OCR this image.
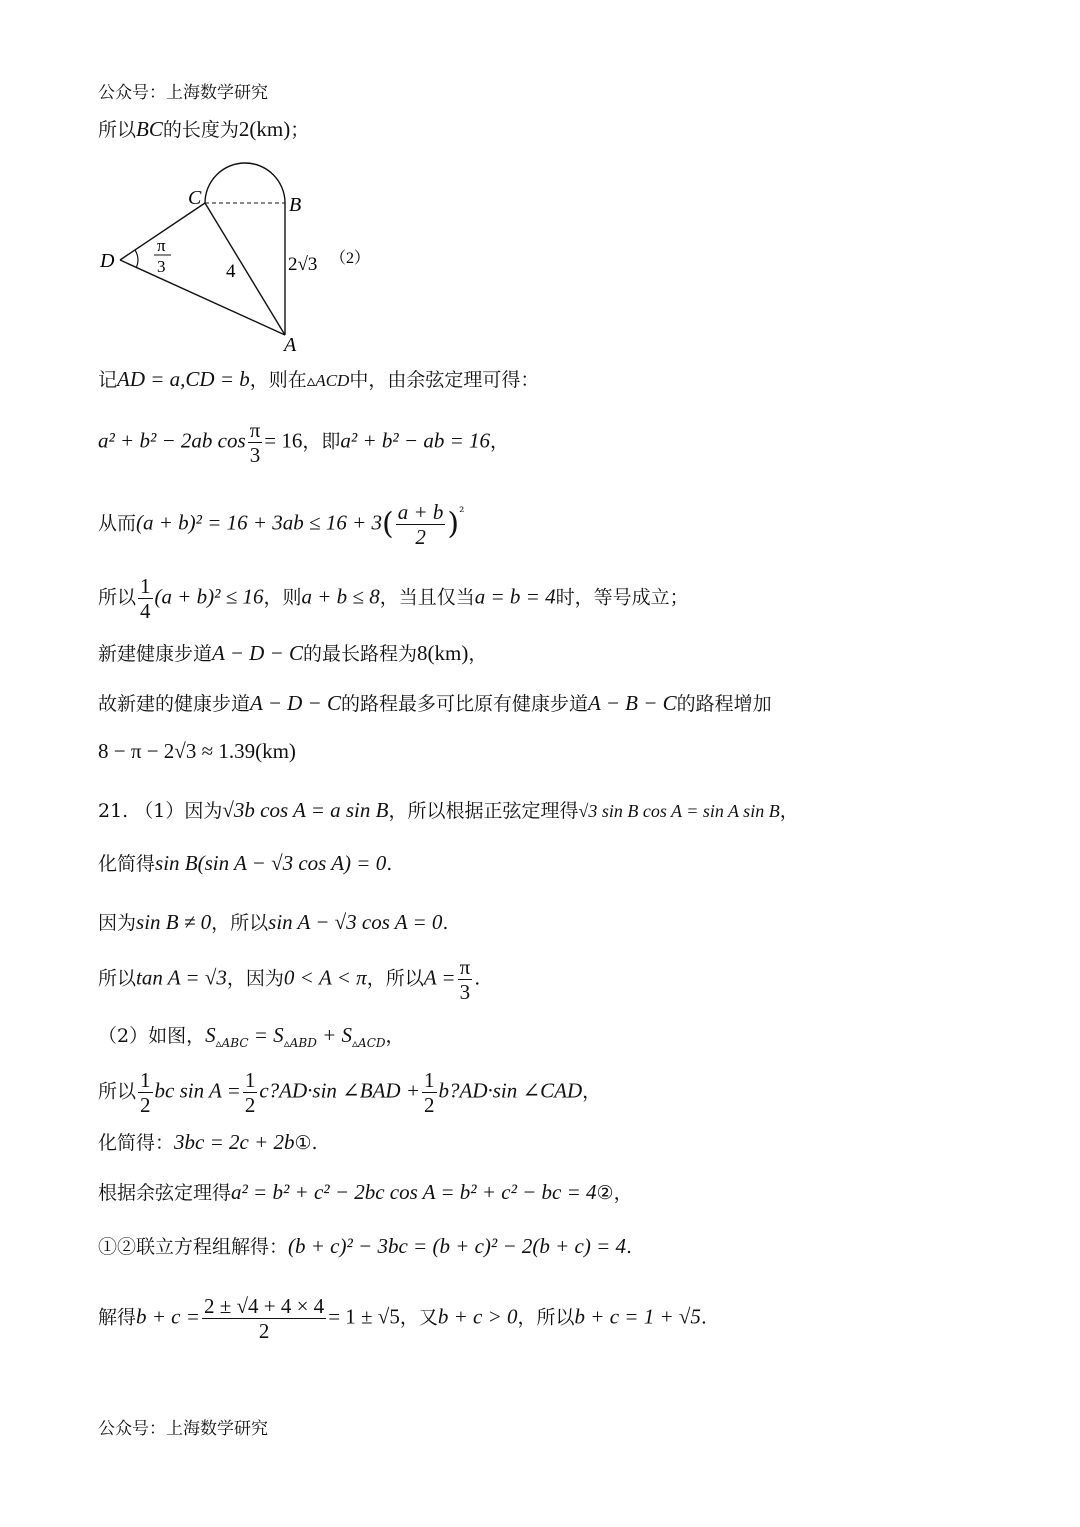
公众号：上海数学研究
所以BC的长度为2(km)；
C	B
D
A
π
3	4	2√3 （2）
记AD = a,CD = b，则在▵ACD中，由余弦定理可得：
a² + b² − 2ab $\cos \frac{\pi}{3} = 16$，即a² + b² − ab = 16，
从而$(a + b)^2 = 16 + 3ab \le 16 + 3( \frac{a + b}{2} )^{^2}$
所以 $\frac{1}{4} (a + b)^2 \le 16$，则a + b ≤ 8，当且仅当a = b = 4时，等号成立；
新建健康步道A − D − C的最长路程为8(km)，
故新建的健康步道A − D − C的路程最多可比原有健康步道A − B − C的路程增加
8 − π − 2√3 ≈ 1.39(km)
21. （1）因为√3b cos A = a sin B，所以根据正弦定理得√3 sin B cos A = sin A sin B，
化简得sin B(sin A − √3 cos A) = 0.
因为sin B ≠ 0，所以sin A − √3 cos A = 0.
所以tan A = √3，因为0 < A < π，所以$A = \frac{\pi}{3}$ .
（2）如图，$S_{▵ABC} = S_{▵ABD} + S_{▵ACD}$，
所以 $\frac{1}{2}$ bc $\sin A = \frac{1}{2}$ c?AD·sin ∠BAD + $\frac{1}{2}$ b?AD·sin ∠CAD，
化简得：3bc = 2c + 2b①.
根据余弦定理得a² = b² + c² − 2bc cos A = b² + c² − bc = 4②，
①②联立方程组解得：(b + c)² − 3bc = (b + c)² − 2(b + c) = 4.
解得$b + c = \frac{2 \pm √4 + 4 \times 4}{2} = 1 \pm √5$，又b + c > 0，所以b + c = 1 + √5.
公众号：上海数学研究
